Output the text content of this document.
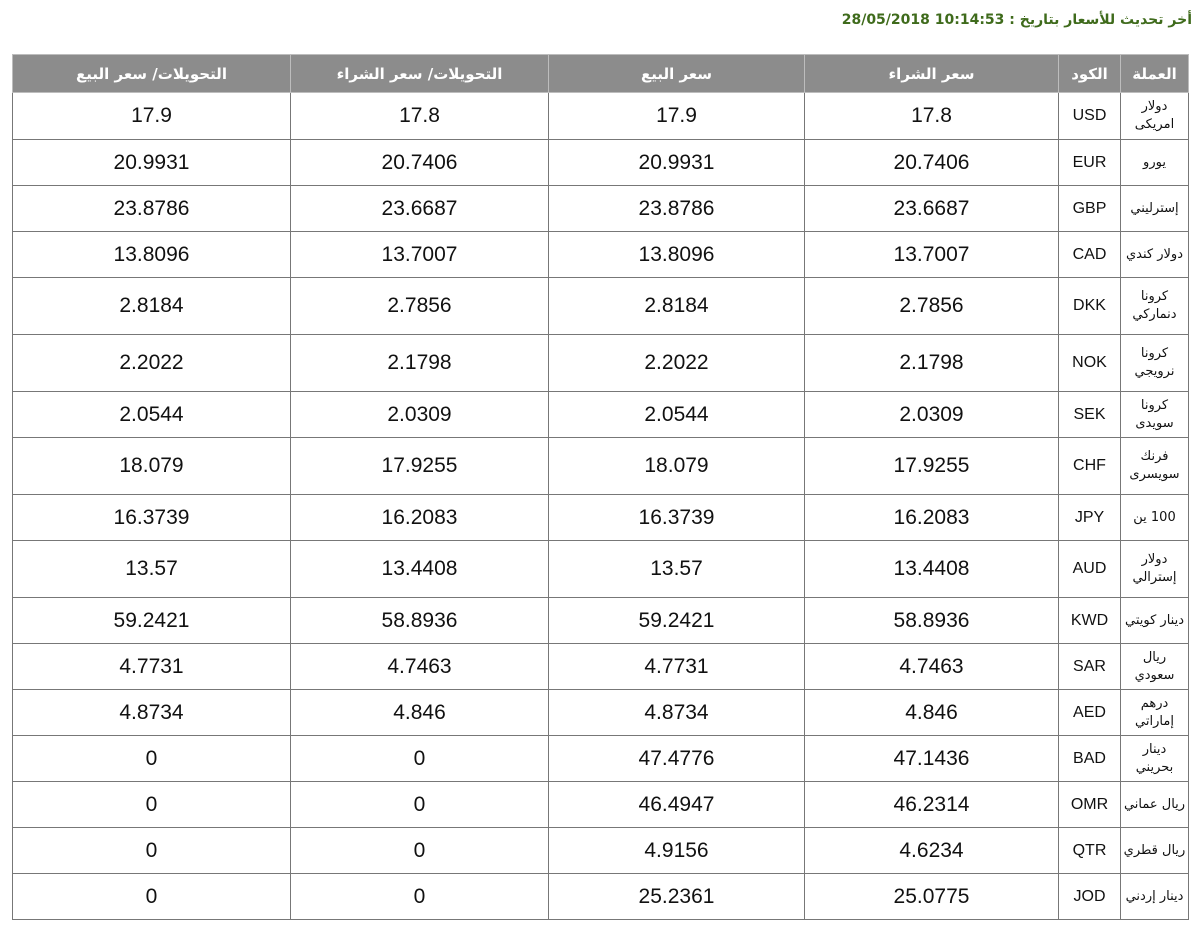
أخر تحديث للأسعار بتاريخ : 28/05/2018 10:14:53
العملة	الكود	سعر الشراء	سعر البيع	التحويلات/ سعر الشراء	التحويلات/ سعر البيع
دولار امريكى	USD	17.8	17.9	17.8	17.9
يورو	EUR	20.7406	20.9931	20.7406	20.9931
إسترليني	GBP	23.6687	23.8786	23.6687	23.8786
دولار كندي	CAD	13.7007	13.8096	13.7007	13.8096
كرونا دنماركي	DKK	2.7856	2.8184	2.7856	2.8184
كرونا نرويجي	NOK	2.1798	2.2022	2.1798	2.2022
كرونا سويدى	SEK	2.0309	2.0544	2.0309	2.0544
فرنك سويسرى	CHF	17.9255	18.079	17.9255	18.079
100 ين	JPY	16.2083	16.3739	16.2083	16.3739
دولار إسترالي	AUD	13.4408	13.57	13.4408	13.57
دينار كويتي	KWD	58.8936	59.2421	58.8936	59.2421
ريال سعودي	SAR	4.7463	4.7731	4.7463	4.7731
درهم إماراتي	AED	4.846	4.8734	4.846	4.8734
دينار بحريني	BAD	47.1436	47.4776	0	0
ريال عماني	OMR	46.2314	46.4947	0	0
ريال قطري	QTR	4.6234	4.9156	0	0
دينار إردني	JOD	25.0775	25.2361	0	0
